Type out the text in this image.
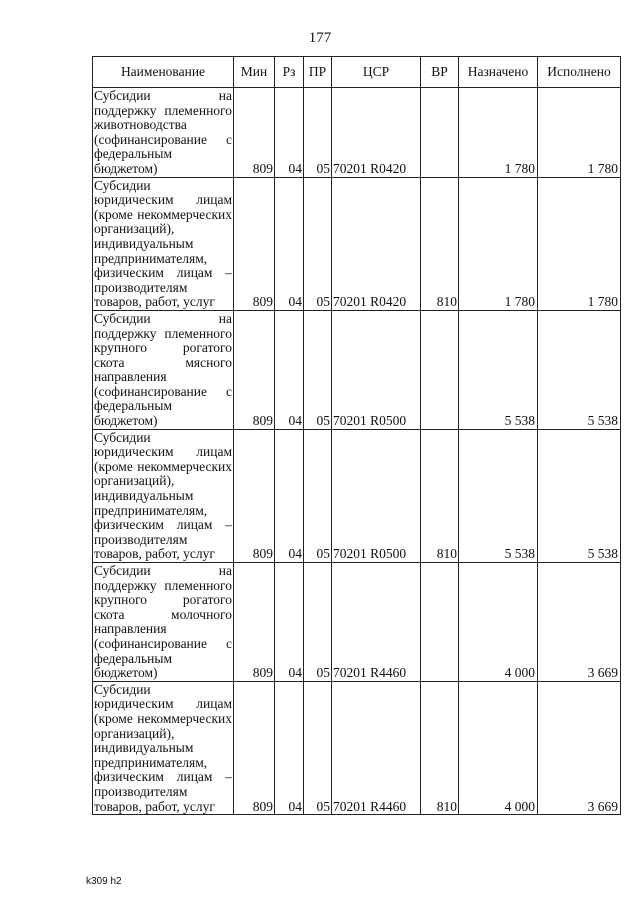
177
Наименование	Мин	Рз	ПР	ЦСР	ВР	Назначено	Исполнено
Субсидии на поддержку племенного животноводства (софинансирование с федеральным бюджетом)	809	04	05	70201 R0420		1 780	1 780
Субсидии юридическим лицам (кроме некоммерческих организаций), индивидуальным предпринимателям, физическим лицам – производителям товаров, работ, услуг	809	04	05	70201 R0420	810	1 780	1 780
Субсидии на поддержку племенного крупного рогатого скота мясного направления (софинансирование с федеральным бюджетом)	809	04	05	70201 R0500		5 538	5 538
Субсидии юридическим лицам (кроме некоммерческих организаций), индивидуальным предпринимателям, физическим лицам – производителям товаров, работ, услуг	809	04	05	70201 R0500	810	5 538	5 538
Субсидии на поддержку племенного крупного рогатого скота молочного направления (софинансирование с федеральным бюджетом)	809	04	05	70201 R4460		4 000	3 669
Субсидии юридическим лицам (кроме некоммерческих организаций), индивидуальным предпринимателям, физическим лицам – производителям товаров, работ, услуг	809	04	05	70201 R4460	810	4 000	3 669
k309 h2
